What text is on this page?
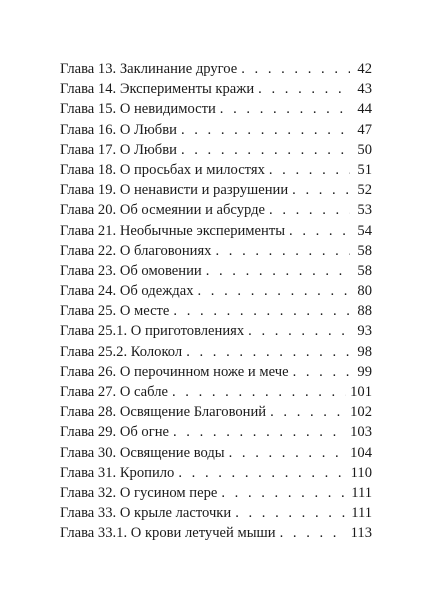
Глава 13. Заклинание другое . . .	42
Глава 14. Эксперименты кражи . . .	43
Глава 15. О невидимости . . .	44
Глава 16. О Любви . . .	47
Глава 17. О Любви . . .	50
Глава 18. О просьбах и милостях . . .	51
Глава 19. О ненависти и разрушении . . .	52
Глава 20. Об осмеянии и абсурде . . .	53
Глава 21. Необычные эксперименты . . .	54
Глава 22. О благовониях . . .	58
Глава 23. Об омовении . . .	58
Глава 24. Об одеждах . . .	80
Глава 25. О месте . . .	88
Глава 25.1. О приготовлениях . . .	93
Глава 25.2. Колокол . . .	98
Глава 26. О перочинном ноже и мече . . .	99
Глава 27. О сабле . . .	101
Глава 28. Освящение Благовоний . . .	102
Глава 29. Об огне . . .	103
Глава 30. Освящение воды . . .	104
Глава 31. Кропило . . .	110
Глава 32. О гусином пере . . .	111
Глава 33. О крыле ласточки . . .	111
Глава 33.1. О крови летучей мыши . . .	113
